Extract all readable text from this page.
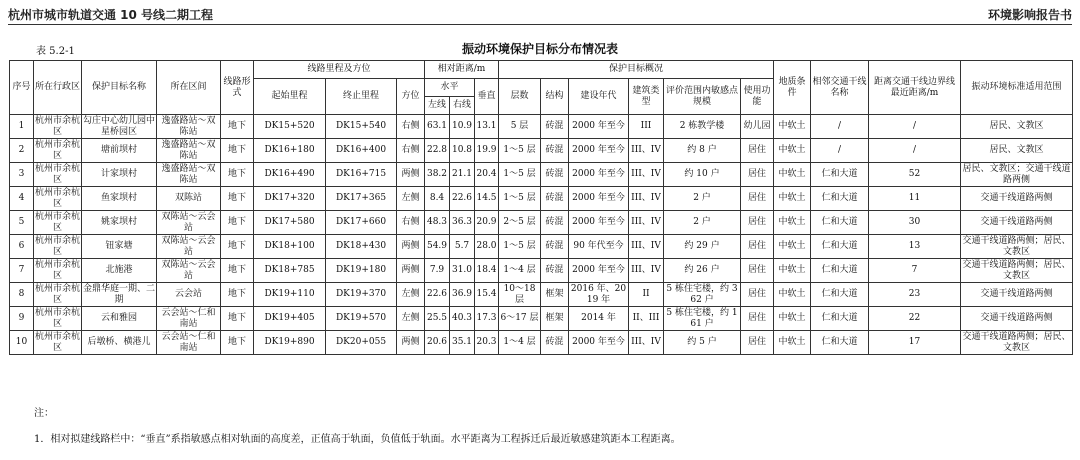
杭州市城市轨道交通 10 号线二期工程	环境影响报告书
表 5.2-1	振动环境保护目标分布情况表
序号	所在行政区	保护目标名称	所在区间	线路形式	线路里程及方位			相对距离/m			保护目标概况						地质条件	相邻交通干线名称	距离交通干线边界线最近距离/m	振动环境标准适用范围
					起始里程	终止里程	方位	水平		垂直	层数	结构	建设年代	建筑类型	评价范围内敏感点规模	使用功能				
								左线	右线											
1	杭州市余杭区	勾庄中心幼儿园中星桥园区	逸盛路站～双陈站	地下	DK15+520	DK15+540	右侧	63.1	10.9	13.1	5 层	砖混	2000 年至今	III	2 栋教学楼	幼儿园	中软土	/	/	居民、文教区
2	杭州市余杭区	塘前坝村	逸盛路站～双陈站	地下	DK16+180	DK16+400	右侧	22.8	10.8	19.9	1～5 层	砖混	2000 年至今	III、IV	约 8 户	居住	中软土	/	/	居民、文教区
3	杭州市余杭区	计家坝村	逸盛路站～双陈站	地下	DK16+490	DK16+715	两侧	38.2	21.1	20.4	1～5 层	砖混	2000 年至今	III、IV	约 10 户	居住	中软土	仁和大道	52	居民、文教区；交通干线道路两侧
4	杭州市余杭区	鱼家坝村	双陈站	地下	DK17+320	DK17+365	左侧	8.4	22.6	14.5	1～5 层	砖混	2000 年至今	III、IV	2 户	居住	中软土	仁和大道	11	交通干线道路两侧
5	杭州市余杭区	姚家坝村	双陈站～云会站	地下	DK17+580	DK17+660	右侧	48.3	36.3	20.9	2～5 层	砖混	2000 年至今	III、IV	2 户	居住	中软土	仁和大道	30	交通干线道路两侧
6	杭州市余杭区	钮家塘	双陈站～云会站	地下	DK18+100	DK18+430	两侧	54.9	5.7	28.0	1～5 层	砖混	90 年代至今	III、IV	约 29 户	居住	中软土	仁和大道	13	交通干线道路两侧；居民、文教区
7	杭州市余杭区	北施港	双陈站～云会站	地下	DK18+785	DK19+180	两侧	7.9	31.0	18.4	1～4 层	砖混	2000 年至今	III、IV	约 26 户	居住	中软土	仁和大道	7	交通干线道路两侧；居民、文教区
8	杭州市余杭区	金鼎华庭一期、二期	云会站	地下	DK19+110	DK19+370	左侧	22.6	36.9	15.4	10～18 层	框架	2016 年、2019 年	II	5 栋住宅楼，约 362 户	居住	中软土	仁和大道	23	交通干线道路两侧
9	杭州市余杭区	云和雅园	云会站～仁和南站	地下	DK19+405	DK19+570	左侧	25.5	40.3	17.3	6～17 层	框架	2014 年	II、III	5 栋住宅楼，约 161 户	居住	中软土	仁和大道	22	交通干线道路两侧
10	杭州市余杭区	后墩桥、横港儿	云会站～仁和南站	地下	DK19+890	DK20+055	两侧	20.6	35.1	20.3	1～4 层	砖混	2000 年至今	III、IV	约 5 户	居住	中软土	仁和大道	17	交通干线道路两侧；居民、文教区
注：
1．相对拟建线路栏中：“垂直”系指敏感点相对轨面的高度差，正值高于轨面，负值低于轨面。水平距离为工程拆迁后最近敏感建筑距本工程距离。
